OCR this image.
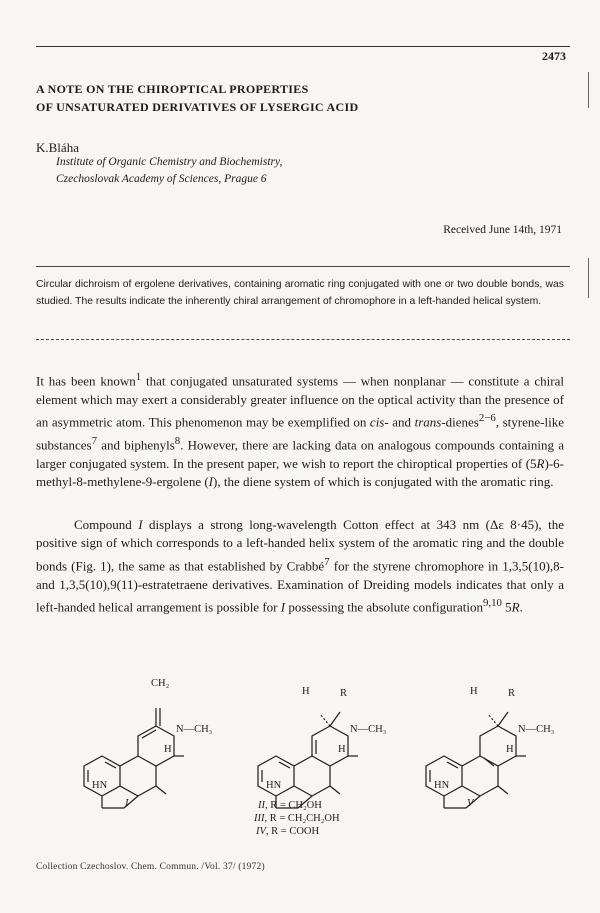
2473
A NOTE ON THE CHIROPTICAL PROPERTIES
OF UNSATURATED DERIVATIVES OF LYSERGIC ACID
K.Bláha
Institute of Organic Chemistry and Biochemistry,
Czechoslovak Academy of Sciences, Prague 6
Received June 14th, 1971
Circular dichroism of ergolene derivatives, containing aromatic ring conjugated with one or two double bonds, was studied. The results indicate the inherently chiral arrangement of chromophore in a left-handed helical system.

It has been known$^1$ that conjugated unsaturated systems — when nonplanar — constitute a chiral element which may exert a considerably greater influence on the optical activity than the presence of an asymmetric atom. This phenomenon may be exemplified on cis- and trans-dienes$^{2-6}$, styrene-like substances$^7$ and biphenyls$^8$. However, there are lacking data on analogous compounds containing a larger conjugated system. In the present paper, we wish to report the chiroptical properties of (5R)-6-methyl-8-methylene-9-ergolene (I), the diene system of which is conjugated with the aromatic ring.

Compound I displays a strong long-wavelength Cotton effect at 343 nm (Δε 8·45), the positive sign of which corresponds to a left-handed helix system of the aromatic ring and the double bonds (Fig. 1), the same as that established by Crabbé$^7$ for the styrene chromophore in 1,3,5(10),8- and 1,3,5(10),9(11)-estratetraene derivatives. Examination of Dreiding models indicates that only a left-handed helical arrangement is possible for I possessing the absolute configuration$^{9,10}$ 5R.

CH₂
N—CH₃
H
HN
H	R
N—CH₃
H
HN
H	R
N—CH₃
H
HN
I	V
II, R = CH₂OH
III, R = CH₂CH₂OH
IV, R = COOH
Collection Czechoslov. Chem. Commun. /Vol. 37/ (1972)
